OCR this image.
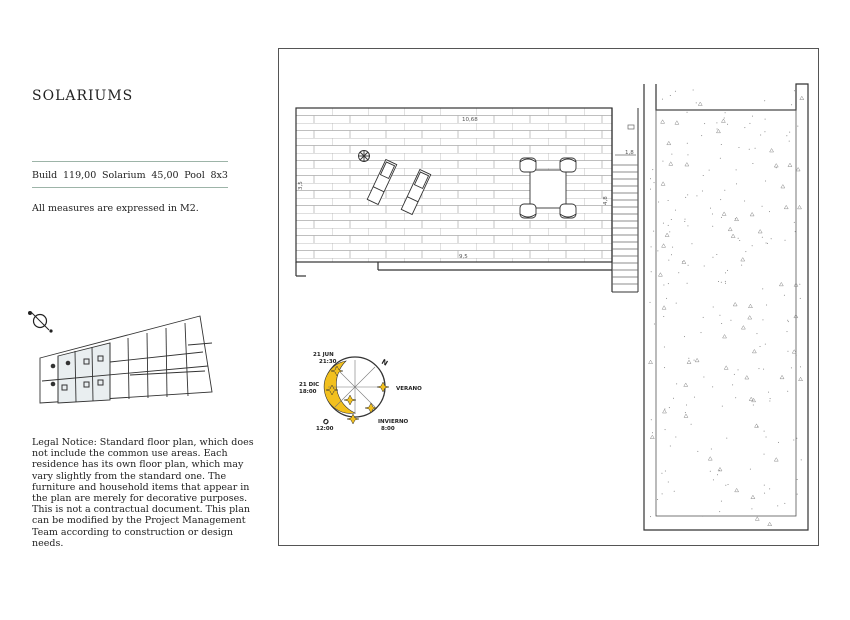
SOLARIUMS
Build 119,00 Solarium 45,00 Pool 8x3
All measures are expressed in M2.
Legal Notice: Standard floor plan, which does not include the common use areas. Each residence has its own floor plan, which may vary slightly from the standard one. The furniture and household items that appear in the plan are merely for decorative purposes. This is not a contractual document. This plan can be modified by the Project Management Team according to construction or design needs.
10,68
9,5
3,5
4,8
1,8
21 JUN
21:30
21 DIC
18:00
O
12:00
INVIERNO
8:00
VERANO
N
